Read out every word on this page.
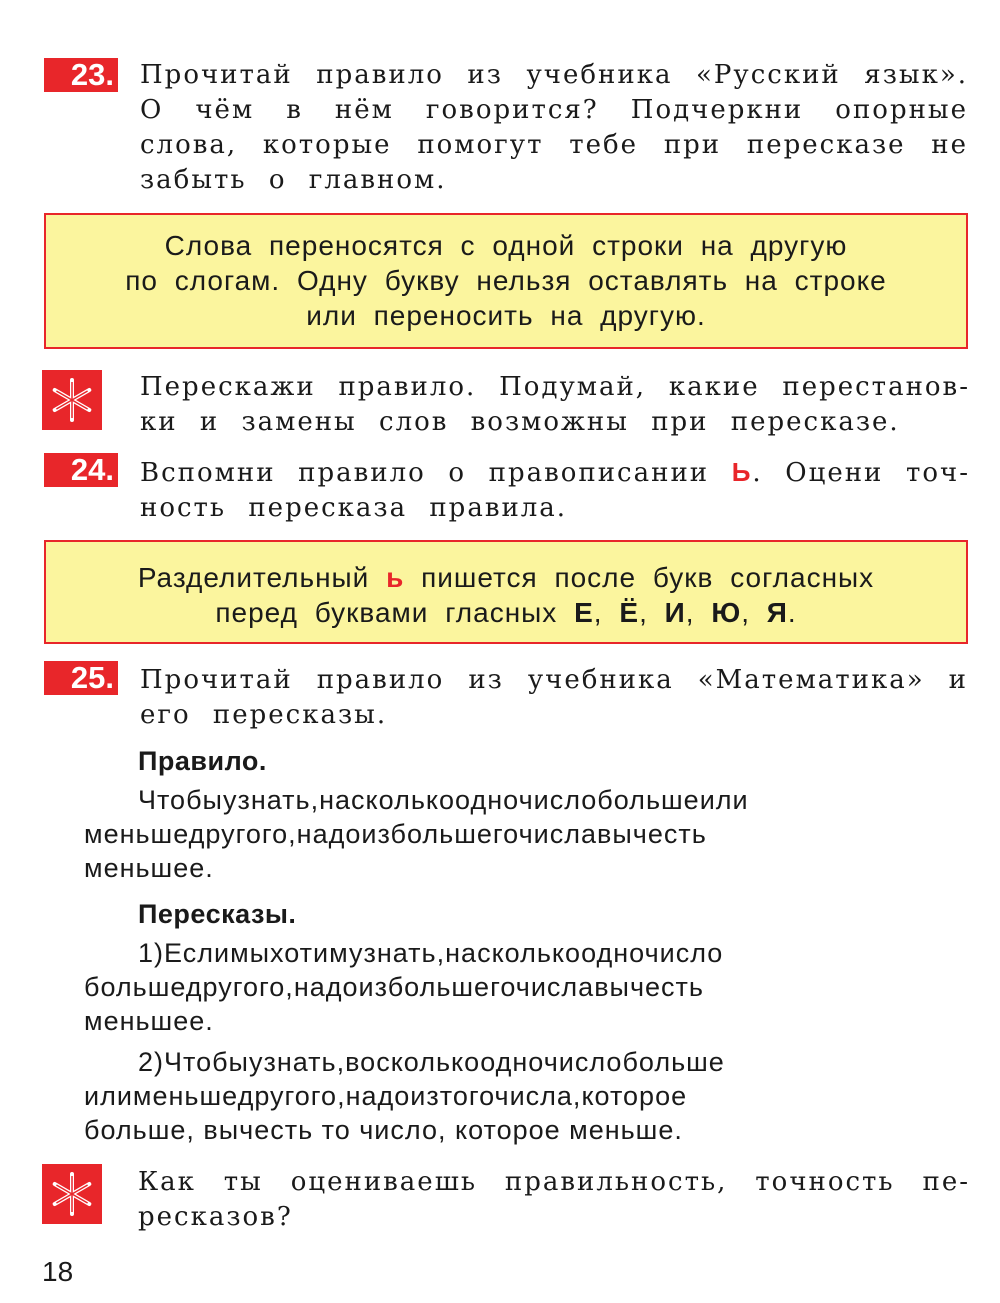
23. Прочитай правило из учебника «Русский язык». О чём в нём говорится? Подчеркни опорные слова, которые помогут тебе при пересказе не забыть о главном.

Слова переносятся с одной строки на другую
по слогам. Одну букву нельзя оставлять на строке
или переносить на другую.

Перескажи правило. Подумай, какие перестановки и замены слов возможны при пересказе.

24. Вспомни правило о правописании Ь. Оцени точность пересказа правила.

Разделительный ь пишется после букв согласных
перед буквами гласных Е, Ё, И, Ю, Я.
25. Прочитай правило из учебника «Математика» и его пересказы.

Правило.
Чтобыузнать,насколькоодночислобольшеили
меньшедругого,надоизбольшегочиславычесть
меньшее.
Пересказы.
1)Еслимыхотимузнать,насколькоодночисло
большедругого,надоизбольшегочиславычесть
меньшее.
2)Чтобыузнать,восколькоодночислобольше
илименьшедругого,надоизтогочисла,которое
больше, вычесть то число, которое меньше.

Как ты оцениваешь правильность, точность пересказов?

18
